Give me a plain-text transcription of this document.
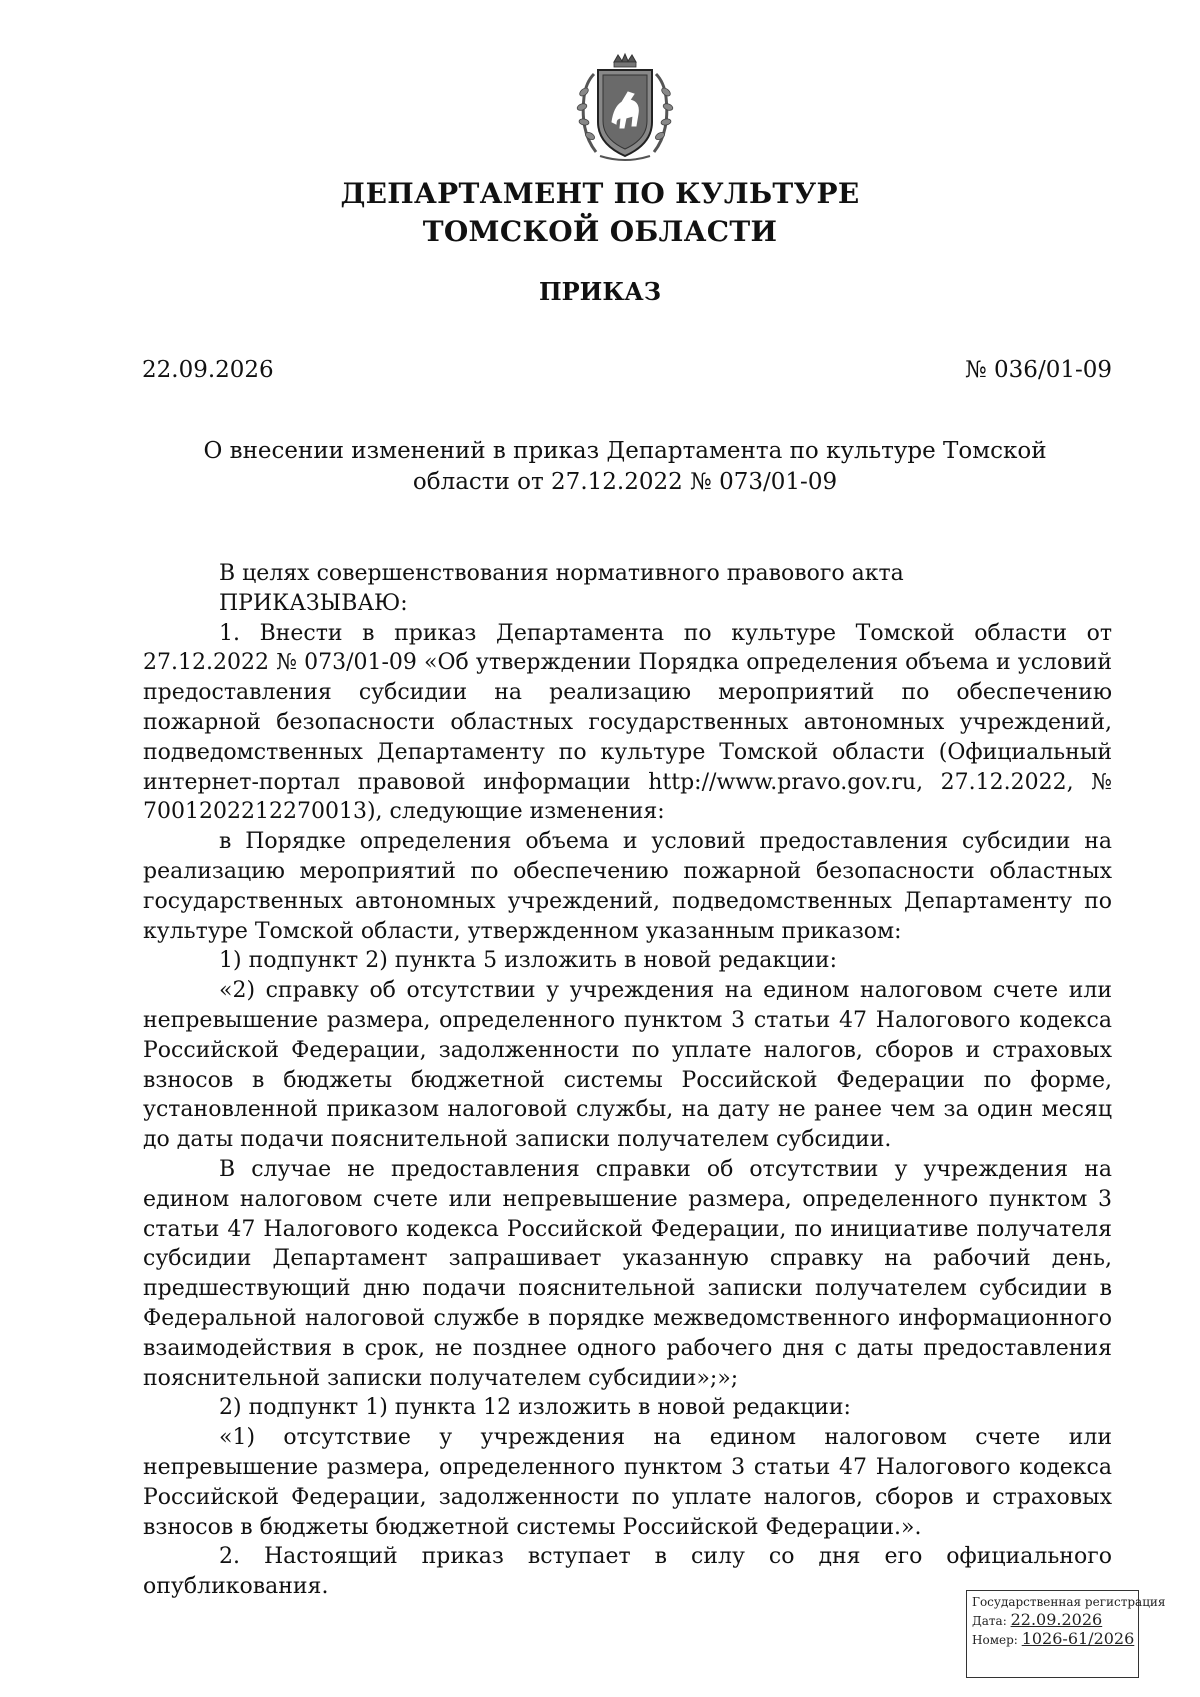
ДЕПАРТАМЕНТ ПО КУЛЬТУРЕ
ТОМСКОЙ ОБЛАСТИ
ПРИКАЗ
22.09.2026	№ 036/01-09
О внесении изменений в приказ Департамента по культуре Томской области от 27.12.2022 № 073/01-09

В целях совершенствования нормативного правового акта

ПРИКАЗЫВАЮ:

1. Внести в приказ Департамента по культуре Томской области от 27.12.2022 № 073/01-09 «Об утверждении Порядка определения объема и условий предоставления субсидии на реализацию мероприятий по обеспечению пожарной безопасности областных государственных автономных учреждений, подведомственных Департаменту по культуре Томской области (Официальный интернет-портал правовой информации http://www.pravo.gov.ru, 27.12.2022, № 7001202212270013), следующие изменения:

в Порядке определения объема и условий предоставления субсидии на реализацию мероприятий по обеспечению пожарной безопасности областных государственных автономных учреждений, подведомственных Департаменту по культуре Томской области, утвержденном указанным приказом:

1) подпункт 2) пункта 5 изложить в новой редакции:

«2) справку об отсутствии у учреждения на едином налоговом счете или непревышение размера, определенного пунктом 3 статьи 47 Налогового кодекса Российской Федерации, задолженности по уплате налогов, сборов и страховых взносов в бюджеты бюджетной системы Российской Федерации по форме, установленной приказом налоговой службы, на дату не ранее чем за один месяц до даты подачи пояснительной записки получателем субсидии.

В случае не предоставления справки об отсутствии у учреждения на едином налоговом счете или непревышение размера, определенного пунктом 3 статьи 47 Налогового кодекса Российской Федерации, по инициативе получателя субсидии Департамент запрашивает указанную справку на рабочий день, предшествующий дню подачи пояснительной записки получателем субсидии в Федеральной налоговой службе в порядке межведомственного информационного взаимодействия в срок, не позднее одного рабочего дня с даты предоставления пояснительной записки получателем субсидии»;»;

2) подпункт 1) пункта 12 изложить в новой редакции:

«1) отсутствие у учреждения на едином налоговом счете или непревышение размера, определенного пунктом 3 статьи 47 Налогового кодекса Российской Федерации, задолженности по уплате налогов, сборов и страховых взносов в бюджеты бюджетной системы Российской Федерации.».

2. Настоящий приказ вступает в силу со дня его официального опубликования.

Государственная регистрация
Дата: 22.09.2026
Номер: 1026-61/2026
